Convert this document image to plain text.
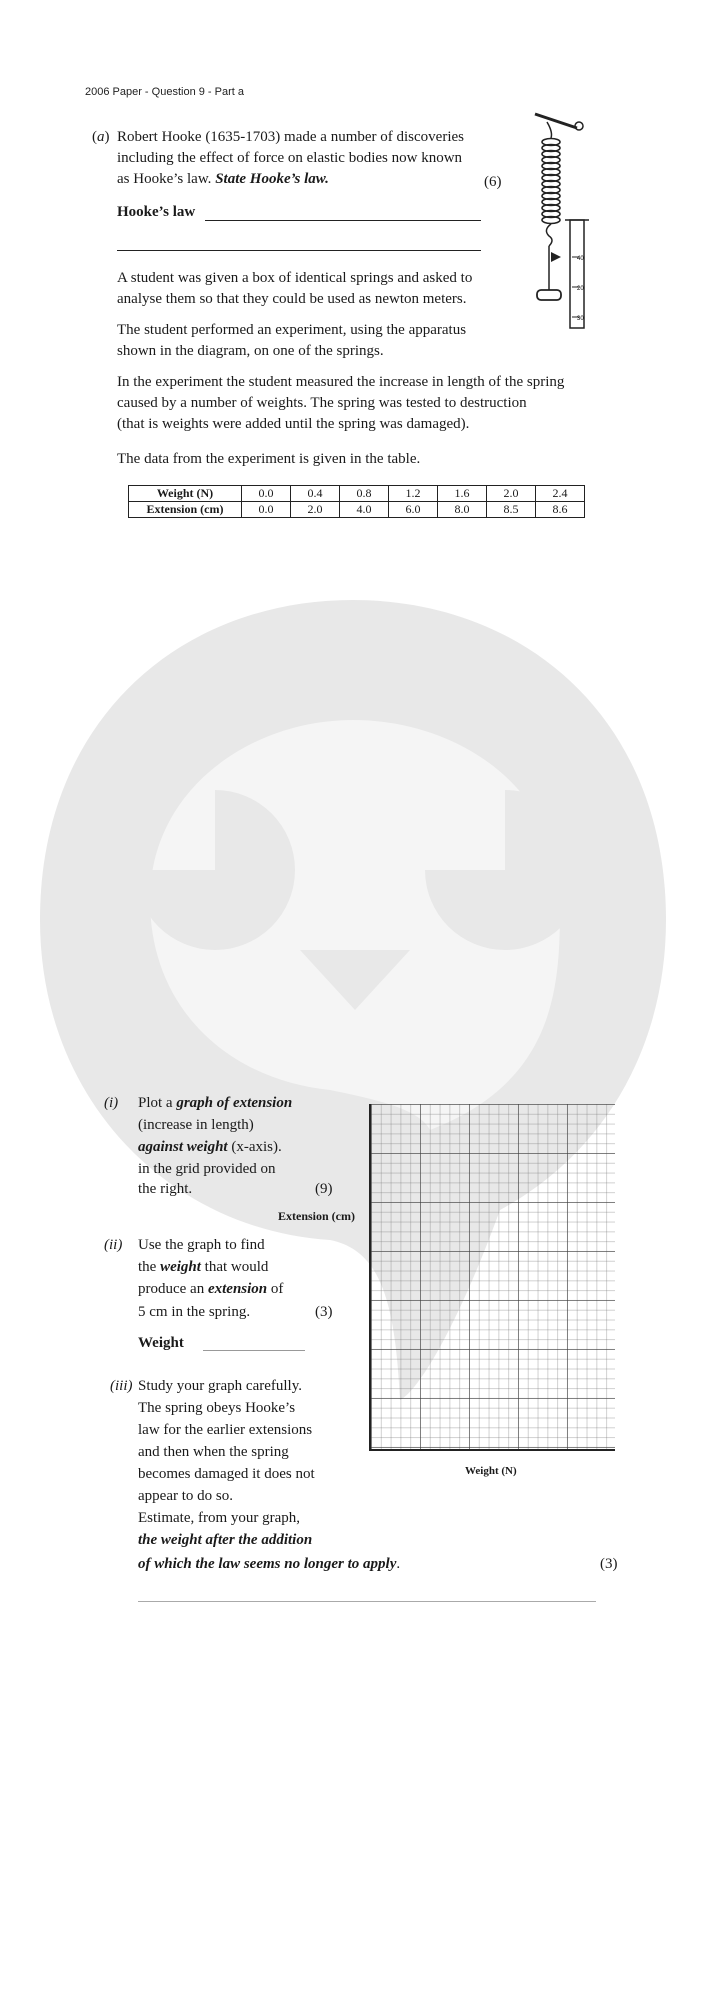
2006 Paper - Question 9 - Part a
(a) Robert Hooke (1635-1703) made a number of discoveries
including the effect of force on elastic bodies now known
as Hooke’s law. State Hooke’s law.	(6)
Hooke’s law
40
20
30
A student was given a box of identical springs and asked to
analyse them so that they could be used as newton meters.
The student performed an experiment, using the apparatus
shown in the diagram, on one of the springs.
In the experiment the student measured the increase in length of the spring
caused by a number of weights. The spring was tested to destruction
(that is weights were added until the spring was damaged).
The data from the experiment is given in the table.
Weight (N)	0.0	0.4	0.8	1.2	1.6	2.0	2.4
Extension (cm)	0.0	2.0	4.0	6.0	8.0	8.5	8.6
(i) Plot a graph of extension
(increase in length)
against weight (x-axis).
in the grid provided on
the right.	(9)
Extension (cm)
Weight (N)
(ii) Use the graph to find
the weight that would
produce an extension of
5 cm in the spring.	(3)
Weight
(iii) Study your graph carefully.
The spring obeys Hooke’s
law for the earlier extensions
and then when the spring
becomes damaged it does not
appear to do so.
Estimate, from your graph,
the weight after the addition
of which the law seems no longer to apply.	(3)
